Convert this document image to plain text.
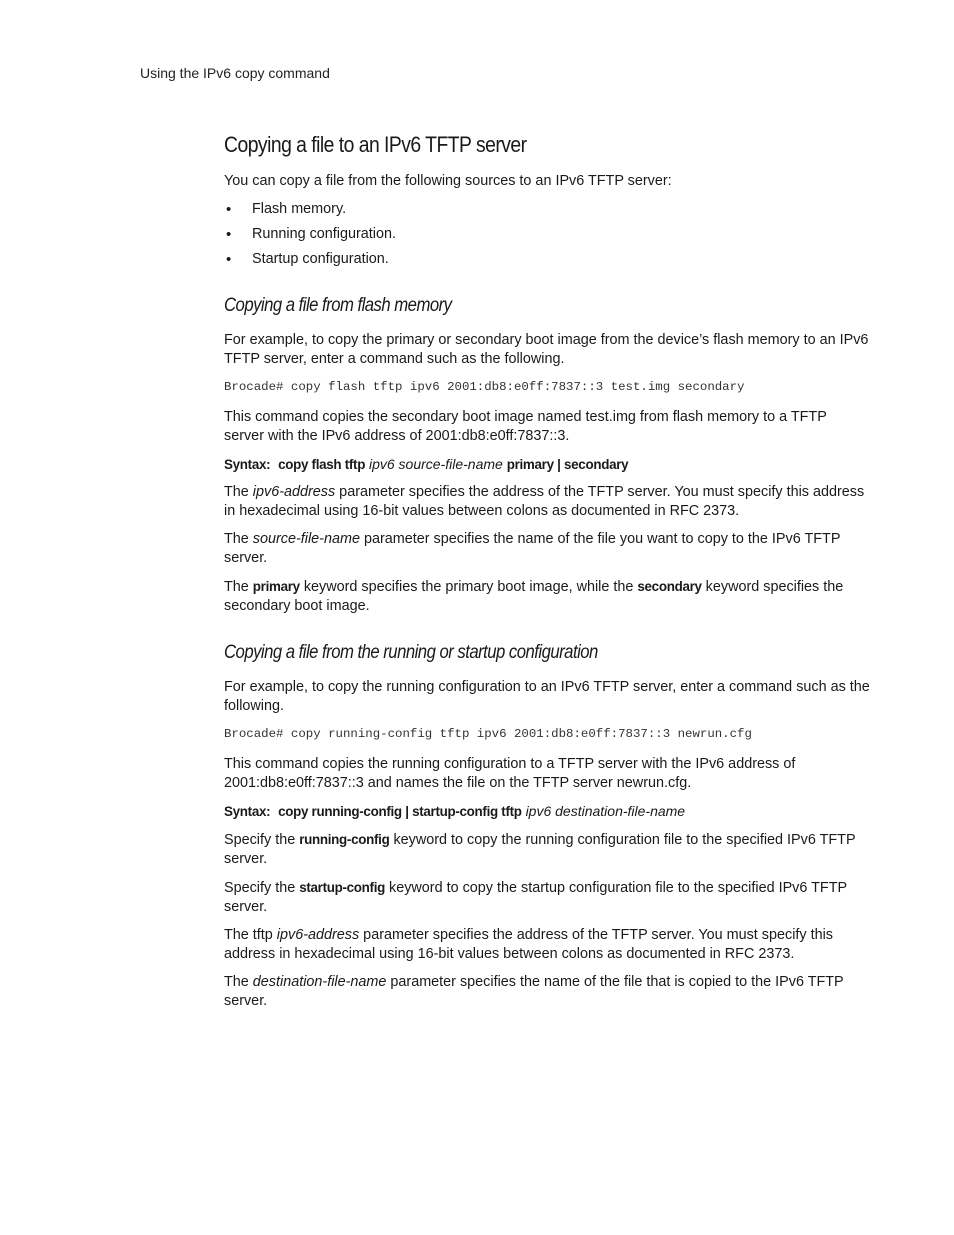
Using the IPv6 copy command
Copying a file to an IPv6 TFTP server

You can copy a file from the following sources to an IPv6 TFTP server:

• Flash memory.
• Running configuration.
• Startup configuration.
Copying a file from flash memory

For example, to copy the primary or secondary boot image from the device’s flash memory to an IPv6 TFTP server, enter a command such as the following.

Brocade# copy flash tftp ipv6 2001:db8:e0ff:7837::3 test.img secondary

This command copies the secondary boot image named test.img from flash memory to a TFTP server with the IPv6 address of 2001:db8:e0ff:7837::3.

Syntax: copy flash tftp ipv6 source-file-name primary | secondary

The ipv6-address parameter specifies the address of the TFTP server. You must specify this address in hexadecimal using 16-bit values between colons as documented in RFC 2373.

The source-file-name parameter specifies the name of the file you want to copy to the IPv6 TFTP server.

The primary keyword specifies the primary boot image, while the secondary keyword specifies the secondary boot image.

Copying a file from the running or startup configuration

For example, to copy the running configuration to an IPv6 TFTP server, enter a command such as the following.

Brocade# copy running-config tftp ipv6 2001:db8:e0ff:7837::3 newrun.cfg

This command copies the running configuration to a TFTP server with the IPv6 address of 2001:db8:e0ff:7837::3 and names the file on the TFTP server newrun.cfg.

Syntax: copy running-config | startup-config tftp ipv6 destination-file-name

Specify the running-config keyword to copy the running configuration file to the specified IPv6 TFTP server.

Specify the startup-config keyword to copy the startup configuration file to the specified IPv6 TFTP server.

The tftp ipv6-address parameter specifies the address of the TFTP server. You must specify this address in hexadecimal using 16-bit values between colons as documented in RFC 2373.

The destination-file-name parameter specifies the name of the file that is copied to the IPv6 TFTP server.
